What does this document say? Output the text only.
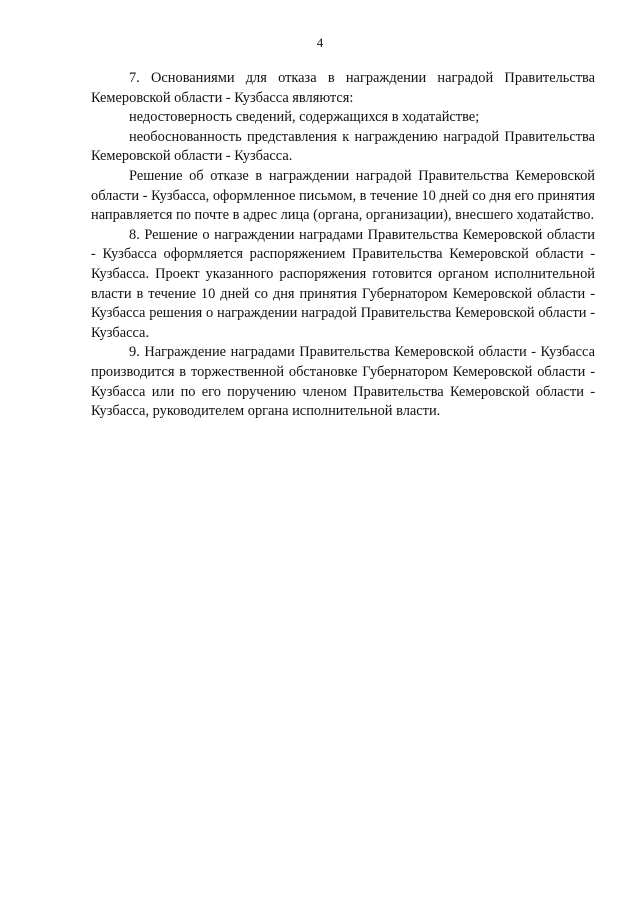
4

7. Основаниями для отказа в награждении наградой Правительства Кемеровской области - Кузбасса являются:

недостоверность сведений, содержащихся в ходатайстве;

необоснованность представления к награждению наградой Правительства Кемеровской области - Кузбасса.

Решение об отказе в награждении наградой Правительства Кемеровской области - Кузбасса, оформленное письмом, в течение 10 дней со дня его принятия направляется по почте в адрес лица (органа, организации), внесшего ходатайство.

8. Решение о награждении наградами Правительства Кемеровской области - Кузбасса оформляется распоряжением Правительства Кемеровской области - Кузбасса. Проект указанного распоряжения готовится органом исполнительной власти в течение 10 дней со дня принятия Губернатором Кемеровской области - Кузбасса решения о награждении наградой Правительства Кемеровской области - Кузбасса.

9. Награждение наградами Правительства Кемеровской области - Кузбасса производится в торжественной обстановке Губернатором Кемеровской области - Кузбасса или по его поручению членом Правительства Кемеровской области - Кузбасса, руководителем органа исполнительной власти.
